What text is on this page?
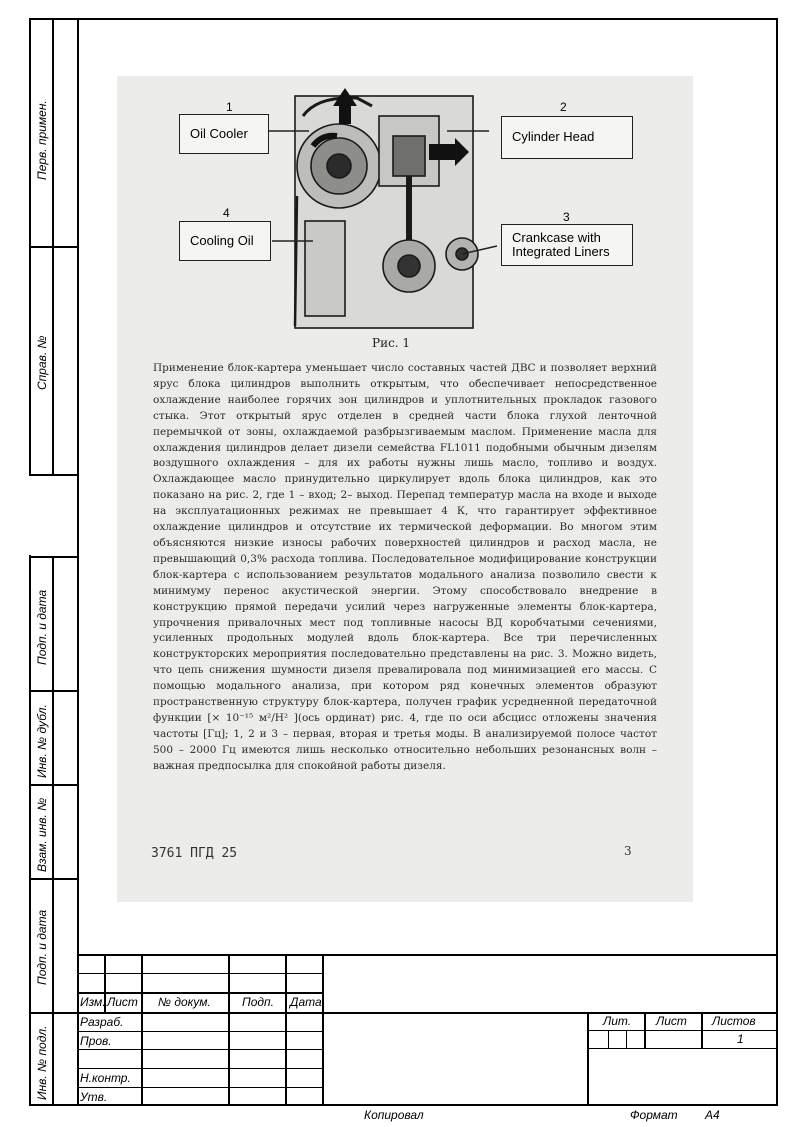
Перв. примен.
Справ. №
Подп. и дата
Инв. № дубл.
Взам. инв. №
Подп. и дата
Инв. № подл.
1
Oil Cooler
2
Cylinder Head
4
Cooling Oil
3
Crankcase with Integrated Liners
Рис. 1
Применение блок-картера уменьшает число составных частей ДВС и позволяет верхний ярус блока цилиндров выполнить открытым, что обеспечивает непосредственное охлаждение наиболее горячих зон цилиндров и уплотнительных прокладок газового стыка. Этот открытый ярус отделен в средней части блока глухой ленточной перемычкой от зоны, охлаждаемой разбрызгиваемым маслом. Применение масла для охлаждения цилиндров делает дизели семейства FL1011 подобными обычным дизелям воздушного охлаждения – для их работы нужны лишь масло, топливо и воздух. Охлаждающее масло принудительно циркулирует вдоль блока цилиндров, как это показано на рис. 2, где 1 – вход; 2– выход. Перепад температур масла на входе и выходе на эксплуатационных режимах не превышает 4 К, что гарантирует эффективное охлаждение цилиндров и отсутствие их термической деформации. Во многом этим объясняются низкие износы рабочих поверхностей цилиндров и расход масла, не превышающий 0,3% расхода топлива. Последовательное модифицирование конструкции блок-картера с использованием результатов модального анализа позволило свести к минимуму перенос акустической энергии. Этому способствовало внедрение в конструкцию прямой передачи усилий через нагруженные элементы блок-картера, упрочнения привалочных мест под топливные насосы ВД коробчатыми сечениями, усиленных продольных модулей вдоль блок-картера. Все три перечисленных конструкторских мероприятия последовательно представлены на рис. 3. Можно видеть, что цепь снижения шумности дизеля превалировала под минимизацией его массы. С помощью модального анализа, при котором ряд конечных элементов образуют пространственную структуру блок-картера, получен график усредненной передаточной функции [× 10⁻¹⁵ м²/Н² ](ось ординат) рис. 4, где по оси абсцисс отложены значения частоты [Гц]; 1, 2 и 3 – первая, вторая и третья моды. В анализируемой полосе частот 500 – 2000 Гц имеются лишь несколько относительно небольших резонансных волн – важная предпосылка для спокойной работы дизеля.
3761 ПГД 25	3
Изм. Лист № докум.	Подп. Дата
Разраб.
Пров.
Н.контр.
Утв.
Лит. Лист Листов
1
Копировал	Формат A4
